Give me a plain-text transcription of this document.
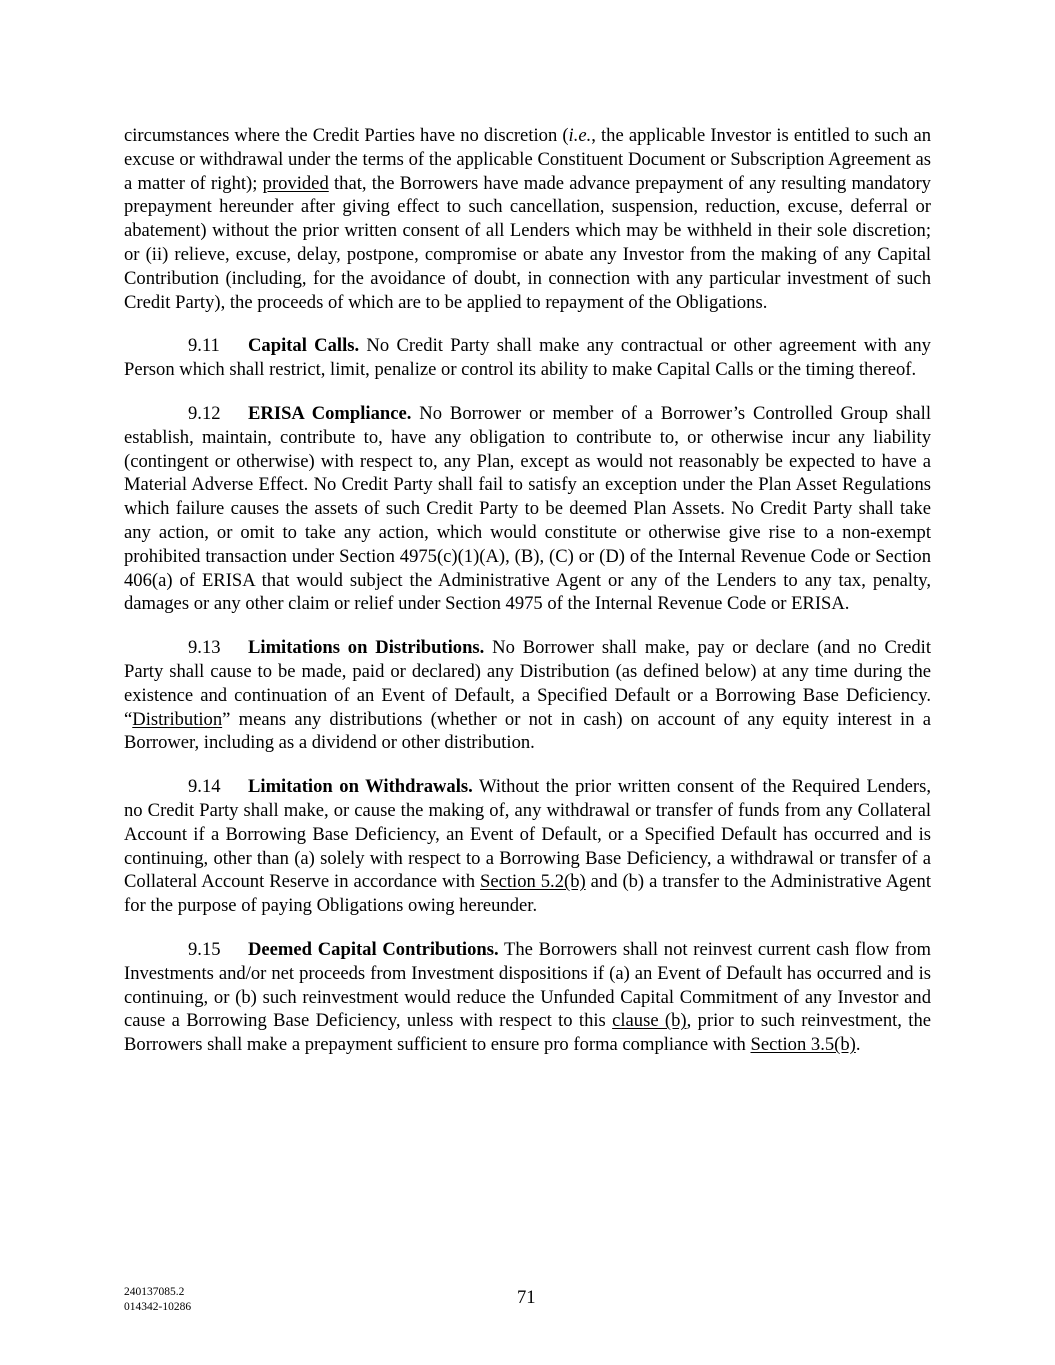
circumstances where the Credit Parties have no discretion (i.e., the applicable Investor is entitled to such an excuse or withdrawal under the terms of the applicable Constituent Document or Subscription Agreement as a matter of right); provided that, the Borrowers have made advance prepayment of any resulting mandatory prepayment hereunder after giving effect to such cancellation, suspension, reduction, excuse, deferral or abatement) without the prior written consent of all Lenders which may be withheld in their sole discretion; or (ii) relieve, excuse, delay, postpone, compromise or abate any Investor from the making of any Capital Contribution (including, for the avoidance of doubt, in connection with any particular investment of such Credit Party), the proceeds of which are to be applied to repayment of the Obligations.

9.11 Capital Calls. No Credit Party shall make any contractual or other agreement with any Person which shall restrict, limit, penalize or control its ability to make Capital Calls or the timing thereof.

9.12 ERISA Compliance. No Borrower or member of a Borrower’s Controlled Group shall establish, maintain, contribute to, have any obligation to contribute to, or otherwise incur any liability (contingent or otherwise) with respect to, any Plan, except as would not reasonably be expected to have a Material Adverse Effect. No Credit Party shall fail to satisfy an exception under the Plan Asset Regulations which failure causes the assets of such Credit Party to be deemed Plan Assets. No Credit Party shall take any action, or omit to take any action, which would constitute or otherwise give rise to a non-exempt prohibited transaction under Section 4975(c)(1)(A), (B), (C) or (D) of the Internal Revenue Code or Section 406(a) of ERISA that would subject the Administrative Agent or any of the Lenders to any tax, penalty, damages or any other claim or relief under Section 4975 of the Internal Revenue Code or ERISA.

9.13 Limitations on Distributions. No Borrower shall make, pay or declare (and no Credit Party shall cause to be made, paid or declared) any Distribution (as defined below) at any time during the existence and continuation of an Event of Default, a Specified Default or a Borrowing Base Deficiency. “Distribution” means any distributions (whether or not in cash) on account of any equity interest in a Borrower, including as a dividend or other distribution.

9.14 Limitation on Withdrawals. Without the prior written consent of the Required Lenders, no Credit Party shall make, or cause the making of, any withdrawal or transfer of funds from any Collateral Account if a Borrowing Base Deficiency, an Event of Default, or a Specified Default has occurred and is continuing, other than (a) solely with respect to a Borrowing Base Deficiency, a withdrawal or transfer of a Collateral Account Reserve in accordance with Section 5.2(b) and (b) a transfer to the Administrative Agent for the purpose of paying Obligations owing hereunder.

9.15 Deemed Capital Contributions. The Borrowers shall not reinvest current cash flow from Investments and/or net proceeds from Investment dispositions if (a) an Event of Default has occurred and is continuing, or (b) such reinvestment would reduce the Unfunded Capital Commitment of any Investor and cause a Borrowing Base Deficiency, unless with respect to this clause (b), prior to such reinvestment, the Borrowers shall make a prepayment sufficient to ensure pro forma compliance with Section 3.5(b).

240137085.2
014342-10286	71
